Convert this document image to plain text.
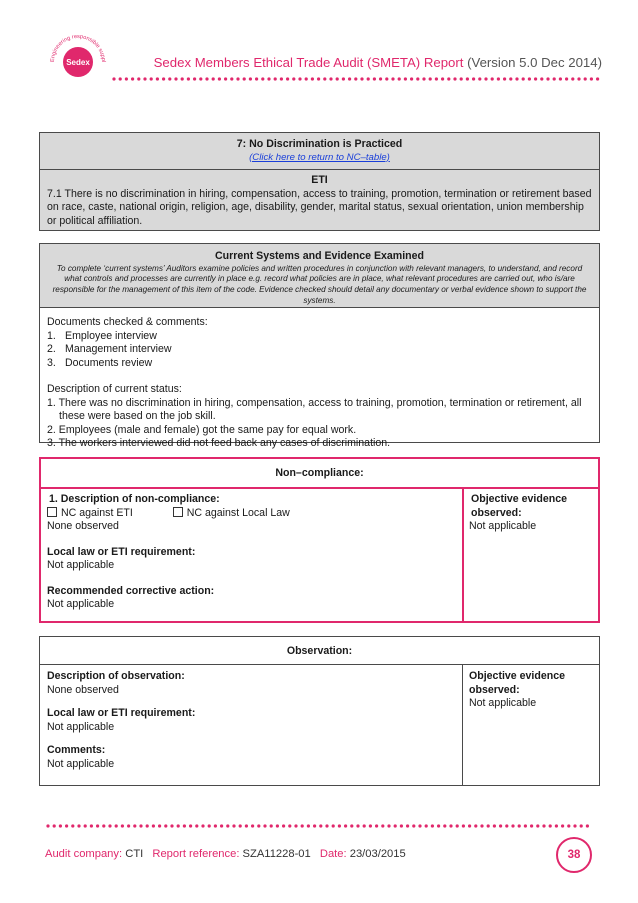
Engineering responsible suppl
Sedex	Sedex Members Ethical Trade Audit (SMETA) Report (Version 5.0 Dec 2014)
7: No Discrimination is Practiced
(Click here to return to NC–table)
ETI
7.1 There is no discrimination in hiring, compensation, access to training, promotion, termination or retirement based on race, caste, national origin, religion, age, disability, gender, marital status, sexual orientation, union membership or political affiliation.
Current Systems and Evidence Examined
To complete ‘current systems’ Auditors examine policies and written procedures in conjunction with relevant managers, to understand, and record what controls and processes are currently in place e.g. record what policies are in place, what relevant procedures are carried out, who is/are responsible for the management of this item of the code. Evidence checked should detail any documentary or verbal evidence shown to support the systems.
Documents checked & comments:
1. Employee interview
2. Management interview
3. Documents review
Description of current status:
1. There was no discrimination in hiring, compensation, access to training, promotion, termination or retirement, all these were based on the job skill.
2. Employees (male and female) got the same pay for equal work.
3. The workers interviewed did not feed back any cases of discrimination.
Non–compliance:
1. Description of non-compliance:
NC against ETI	NC against Local Law
None observed
Local law or ETI requirement:
Not applicable
Recommended corrective action:
Not applicable
Objective evidence observed:
Not applicable
Observation:
Description of observation:
None observed
Local law or ETI requirement:
Not applicable
Comments:
Not applicable
Objective evidence observed:
Not applicable
Audit company: CTI Report reference: SZA11228-01 Date: 23/03/2015	38
